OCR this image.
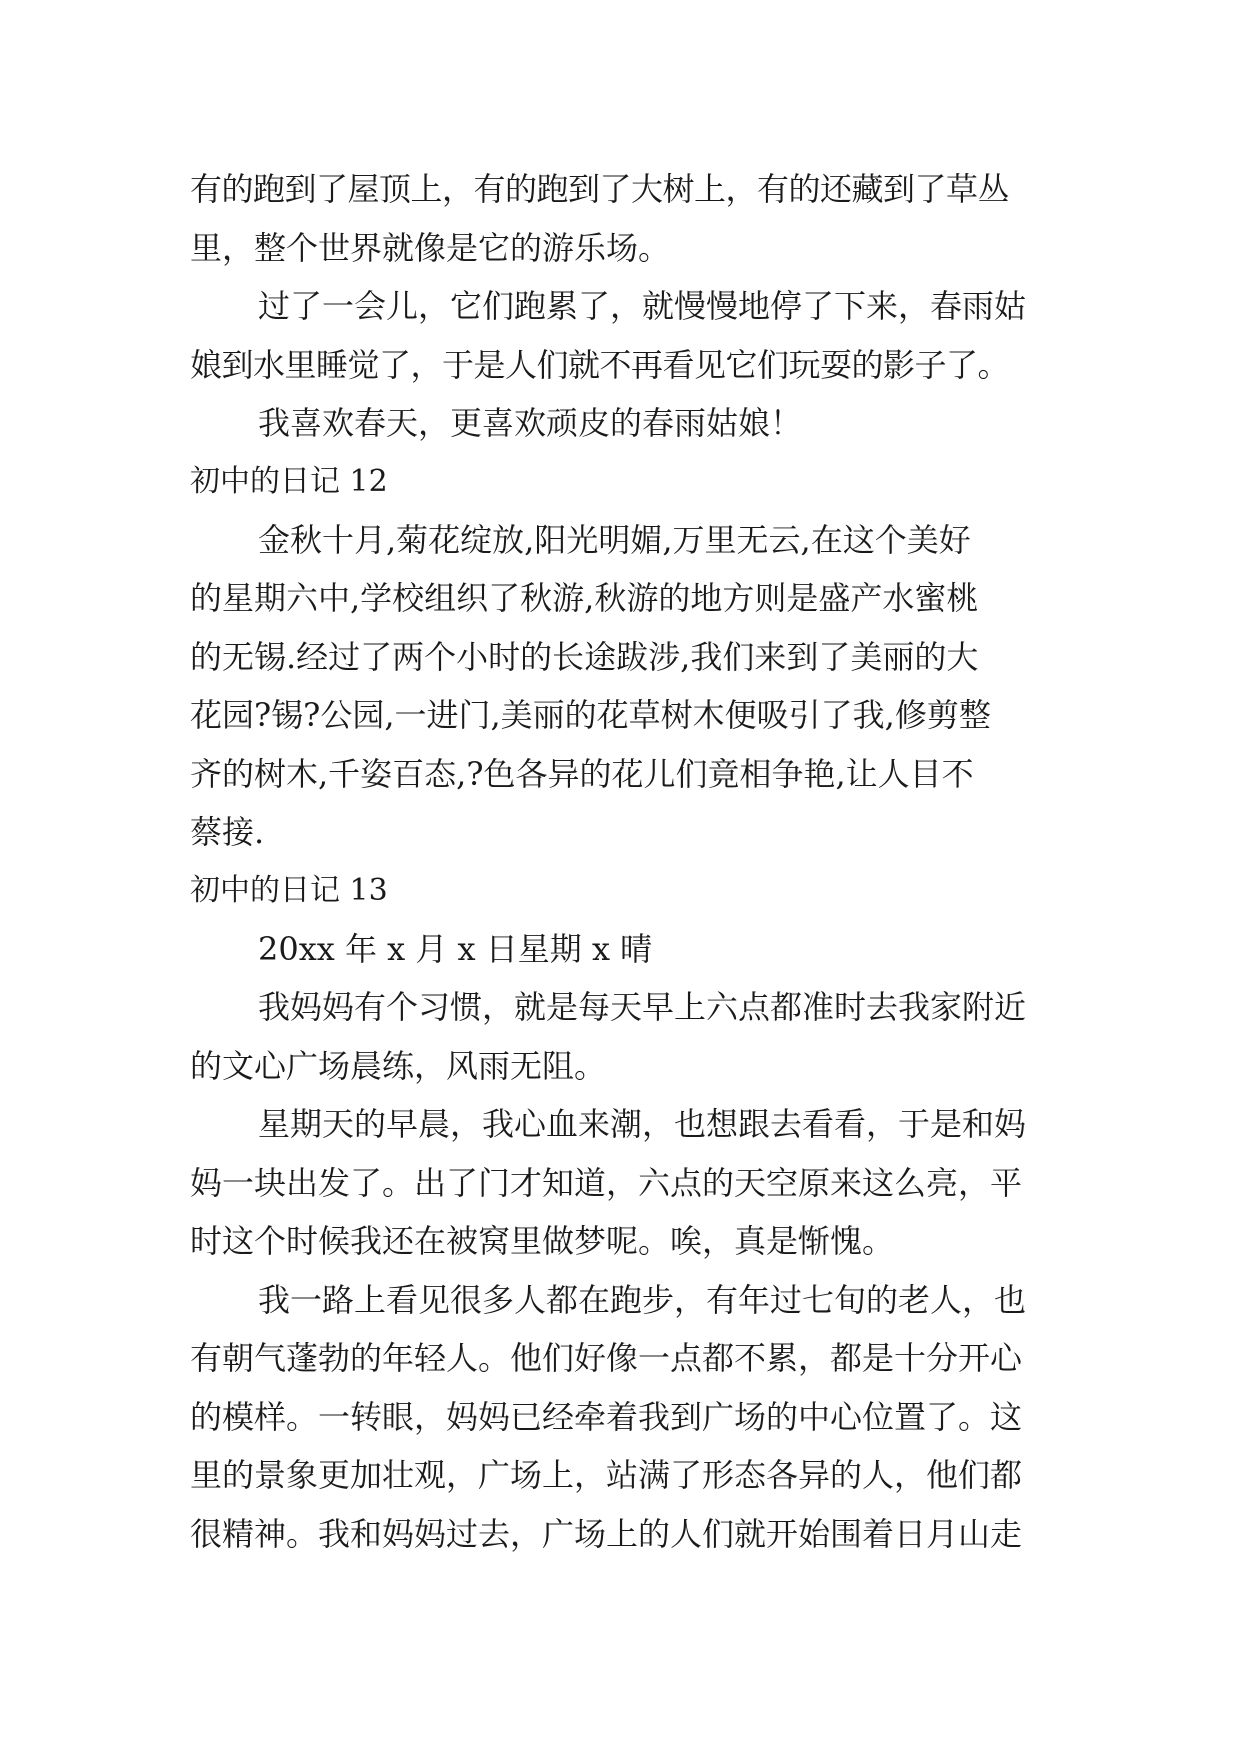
有的跑到了屋顶上，有的跑到了大树上，有的还藏到了草丛
里，整个世界就像是它的游乐场。
过了一会儿，它们跑累了，就慢慢地停了下来，春雨姑
娘到水里睡觉了，于是人们就不再看见它们玩耍的影子了。
我喜欢春天，更喜欢顽皮的春雨姑娘！
初中的日记 12
金秋十月,菊花绽放,阳光明媚,万里无云,在这个美好
的星期六中,学校组织了秋游,秋游的地方则是盛产水蜜桃
的无锡.经过了两个小时的长途跋涉,我们来到了美丽的大
花园?锡?公园,一进门,美丽的花草树木便吸引了我,修剪整
齐的树木,千姿百态,?色各异的花儿们竟相争艳,让人目不
蔡接.
初中的日记 13
20xx 年 x 月 x 日星期 x 晴
我妈妈有个习惯，就是每天早上六点都准时去我家附近
的文心广场晨练，风雨无阻。
星期天的早晨，我心血来潮，也想跟去看看，于是和妈
妈一块出发了。出了门才知道，六点的天空原来这么亮，平
时这个时候我还在被窝里做梦呢。唉，真是惭愧。
我一路上看见很多人都在跑步，有年过七旬的老人，也
有朝气蓬勃的年轻人。他们好像一点都不累，都是十分开心
的模样。一转眼，妈妈已经牵着我到广场的中心位置了。这
里的景象更加壮观，广场上，站满了形态各异的人，他们都
很精神。我和妈妈过去，广场上的人们就开始围着日月山走
